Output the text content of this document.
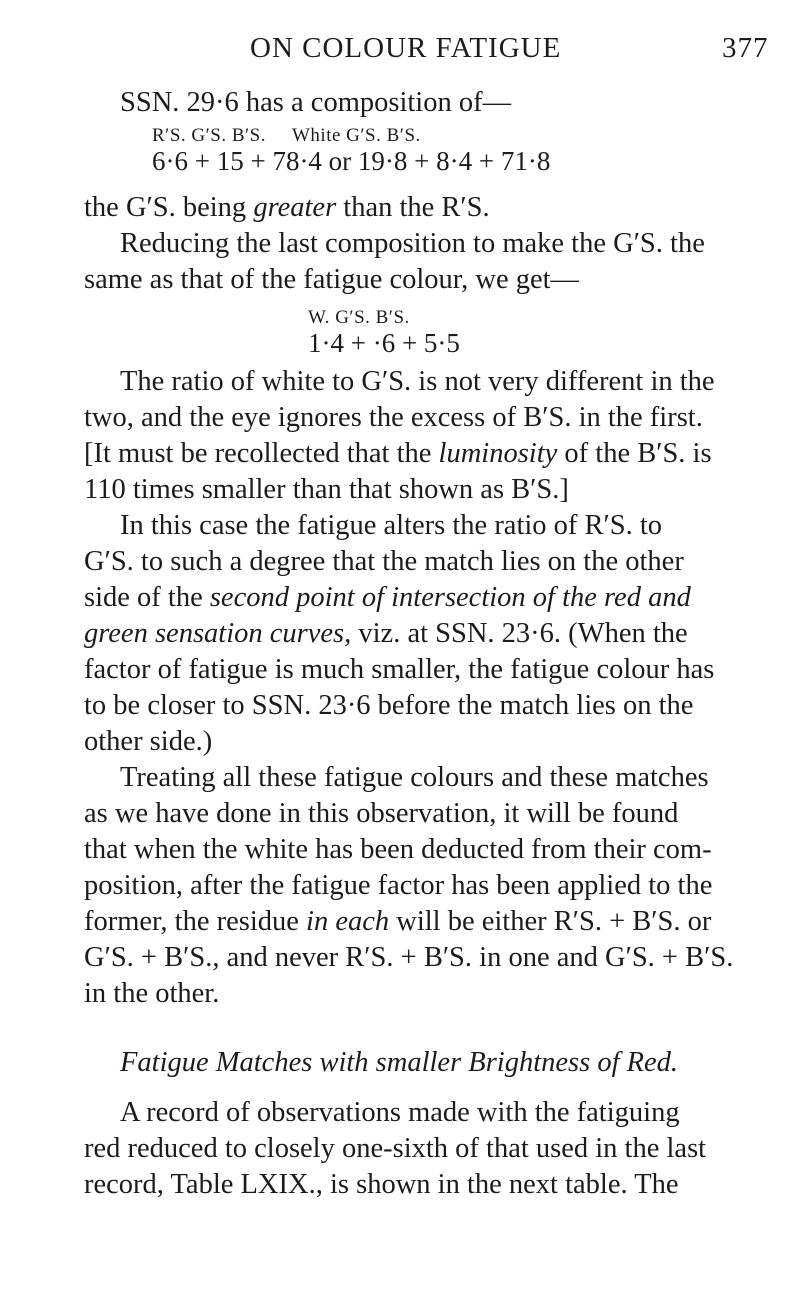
ON COLOUR FATIGUE	377
SSN. 29·6 has a composition of—
R′S. G′S. B′S. White G′S. B′S.
6·6 + 15 + 78·4 or 19·8 + 8·4 + 71·8
the G′S. being greater than the R′S.
Reducing the last composition to make the G′S. the
same as that of the fatigue colour, we get—
W. G′S. B′S.
1·4 + ·6 + 5·5
The ratio of white to G′S. is not very different in the
two, and the eye ignores the excess of B′S. in the first.
[It must be recollected that the luminosity of the B′S. is
110 times smaller than that shown as B′S.]
In this case the fatigue alters the ratio of R′S. to
G′S. to such a degree that the match lies on the other
side of the second point of intersection of the red and
green sensation curves, viz. at SSN. 23·6. (When the
factor of fatigue is much smaller, the fatigue colour has
to be closer to SSN. 23·6 before the match lies on the
other side.)
Treating all these fatigue colours and these matches
as we have done in this observation, it will be found
that when the white has been deducted from their com-
position, after the fatigue factor has been applied to the
former, the residue in each will be either R′S. + B′S. or
G′S. + B′S., and never R′S. + B′S. in one and G′S. + B′S.
in the other.
Fatigue Matches with smaller Brightness of Red.
A record of observations made with the fatiguing
red reduced to closely one-sixth of that used in the last
record, Table LXIX., is shown in the next table. The
